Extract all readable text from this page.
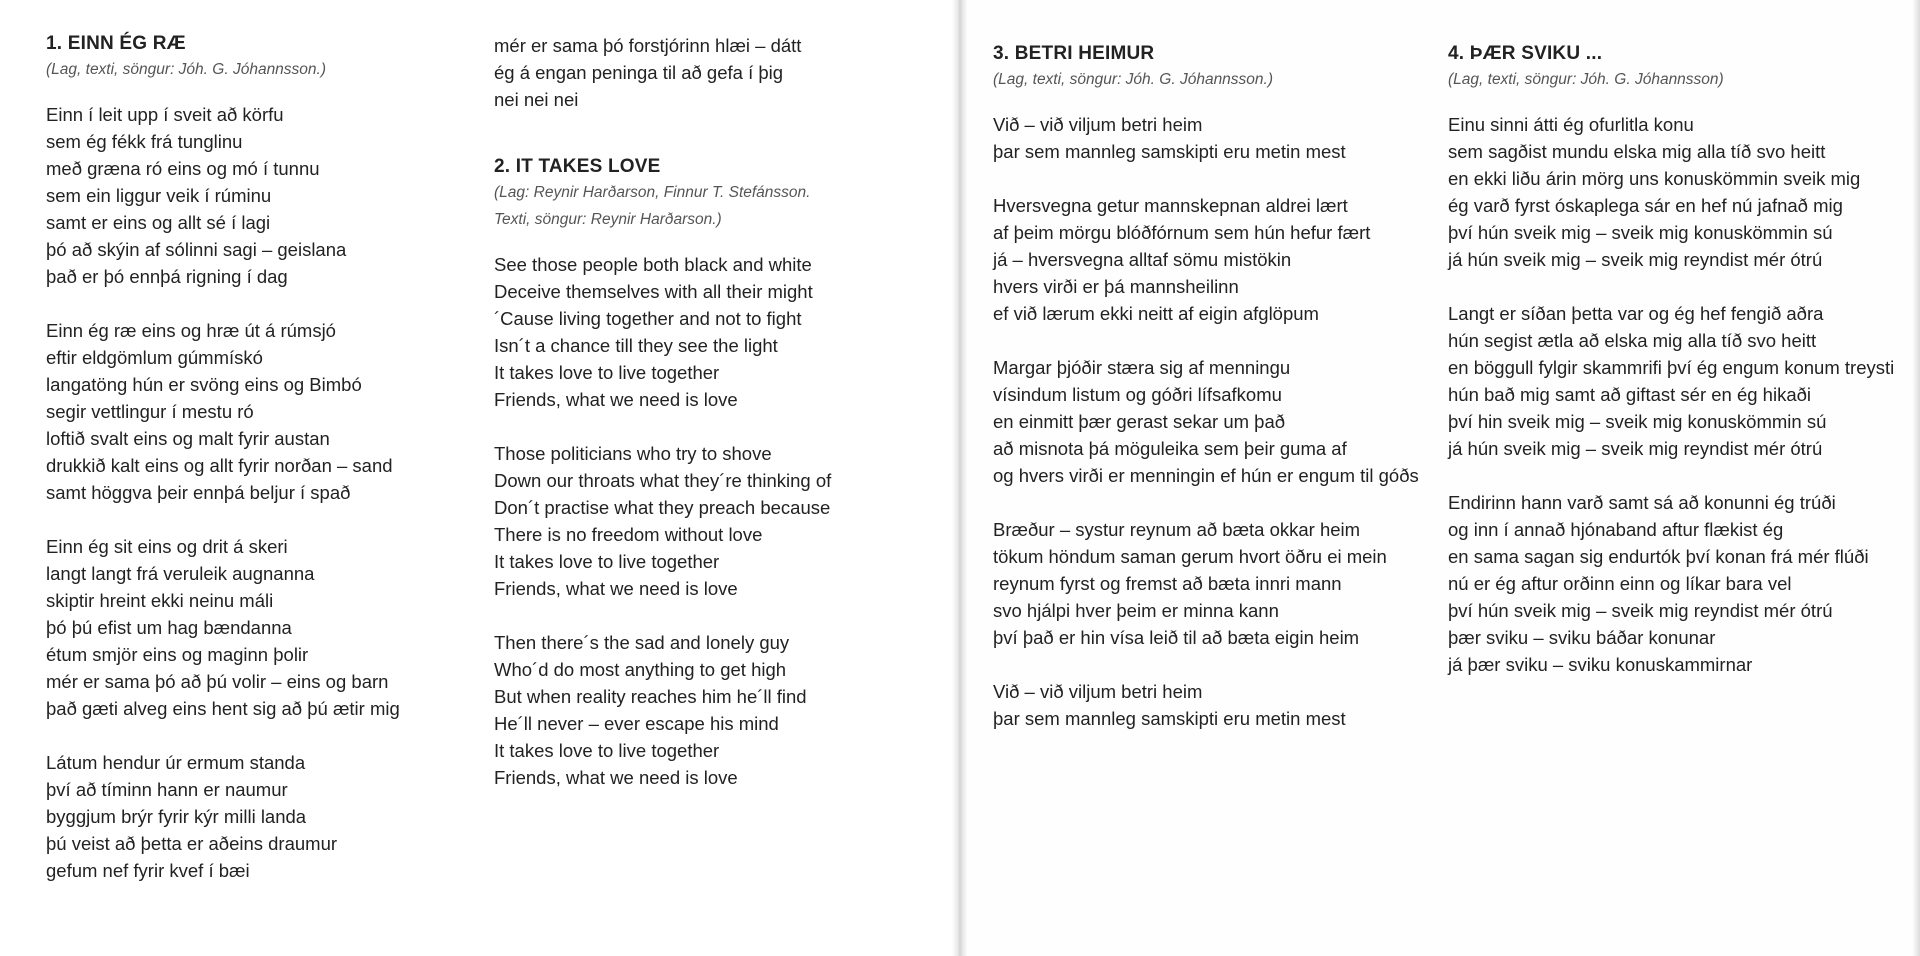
1. EINN ÉG RÆ

(Lag, texti, söngur: Jóh. G. Jóhannsson.)

Einn í leit upp í sveit að körfu
sem ég fékk frá tunglinu
með græna ró eins og mó í tunnu
sem ein liggur veik í rúminu
samt er eins og allt sé í lagi
þó að skýin af sólinni sagi – geislana
það er þó ennþá rigning í dag
Einn ég ræ eins og hræ út á rúmsjó
eftir eldgömlum gúmmískó
langatöng hún er svöng eins og Bimbó
segir vettlingur í mestu ró
loftið svalt eins og malt fyrir austan
drukkið kalt eins og allt fyrir norðan – sand
samt höggva þeir ennþá beljur í spað
Einn ég sit eins og drit á skeri
langt langt frá veruleik augnanna
skiptir hreint ekki neinu máli
þó þú efist um hag bændanna
étum smjör eins og maginn þolir
mér er sama þó að þú volir – eins og barn
það gæti alveg eins hent sig að þú ætir mig
Látum hendur úr ermum standa
því að tíminn hann er naumur
byggjum brýr fyrir kýr milli landa
þú veist að þetta er aðeins draumur
gefum nef fyrir kvef í bæi
mér er sama þó forstjórinn hlæi – dátt
ég á engan peninga til að gefa í þig
nei nei nei
2. IT TAKES LOVE

(Lag: Reynir Harðarson, Finnur T. Stefánsson.
Texti, söngur: Reynir Harðarson.)

See those people both black and white
Deceive themselves with all their might
´Cause living together and not to fight
Isn´t a chance till they see the light
It takes love to live together
Friends, what we need is love
Those politicians who try to shove
Down our throats what they´re thinking of
Don´t practise what they preach because
There is no freedom without love
It takes love to live together
Friends, what we need is love
Then there´s the sad and lonely guy
Who´d do most anything to get high
But when reality reaches him he´ll find
He´ll never – ever escape his mind
It takes love to live together
Friends, what we need is love
3. BETRI HEIMUR

(Lag, texti, söngur: Jóh. G. Jóhannsson.)

Við – við viljum betri heim
þar sem mannleg samskipti eru metin mest
Hversvegna getur mannskepnan aldrei lært
af þeim mörgu blóðfórnum sem hún hefur fært
já – hversvegna alltaf sömu mistökin
hvers virði er þá mannsheilinn
ef við lærum ekki neitt af eigin afglöpum
Margar þjóðir stæra sig af menningu
vísindum listum og góðri lífsafkomu
en einmitt þær gerast sekar um það
að misnota þá möguleika sem þeir guma af
og hvers virði er menningin ef hún er engum til góðs
Bræður – systur reynum að bæta okkar heim
tökum höndum saman gerum hvort öðru ei mein
reynum fyrst og fremst að bæta innri mann
svo hjálpi hver þeim er minna kann
því það er hin vísa leið til að bæta eigin heim
Við – við viljum betri heim
þar sem mannleg samskipti eru metin mest
4. ÞÆR SVIKU ...

(Lag, texti, söngur: Jóh. G. Jóhannsson)

Einu sinni átti ég ofurlitla konu
sem sagðist mundu elska mig alla tíð svo heitt
en ekki liðu árin mörg uns konuskömmin sveik mig
ég varð fyrst óskaplega sár en hef nú jafnað mig
því hún sveik mig – sveik mig konuskömmin sú
já hún sveik mig – sveik mig reyndist mér ótrú
Langt er síðan þetta var og ég hef fengið aðra
hún segist ætla að elska mig alla tíð svo heitt
en böggull fylgir skammrifi því ég engum konum treysti
hún bað mig samt að giftast sér en ég hikaði
því hin sveik mig – sveik mig konuskömmin sú
já hún sveik mig – sveik mig reyndist mér ótrú
Endirinn hann varð samt sá að konunni ég trúði
og inn í annað hjónaband aftur flækist ég
en sama sagan sig endurtók því konan frá mér flúði
nú er ég aftur orðinn einn og líkar bara vel
því hún sveik mig – sveik mig reyndist mér ótrú
þær sviku – sviku báðar konunar
já þær sviku – sviku konuskammirnar
